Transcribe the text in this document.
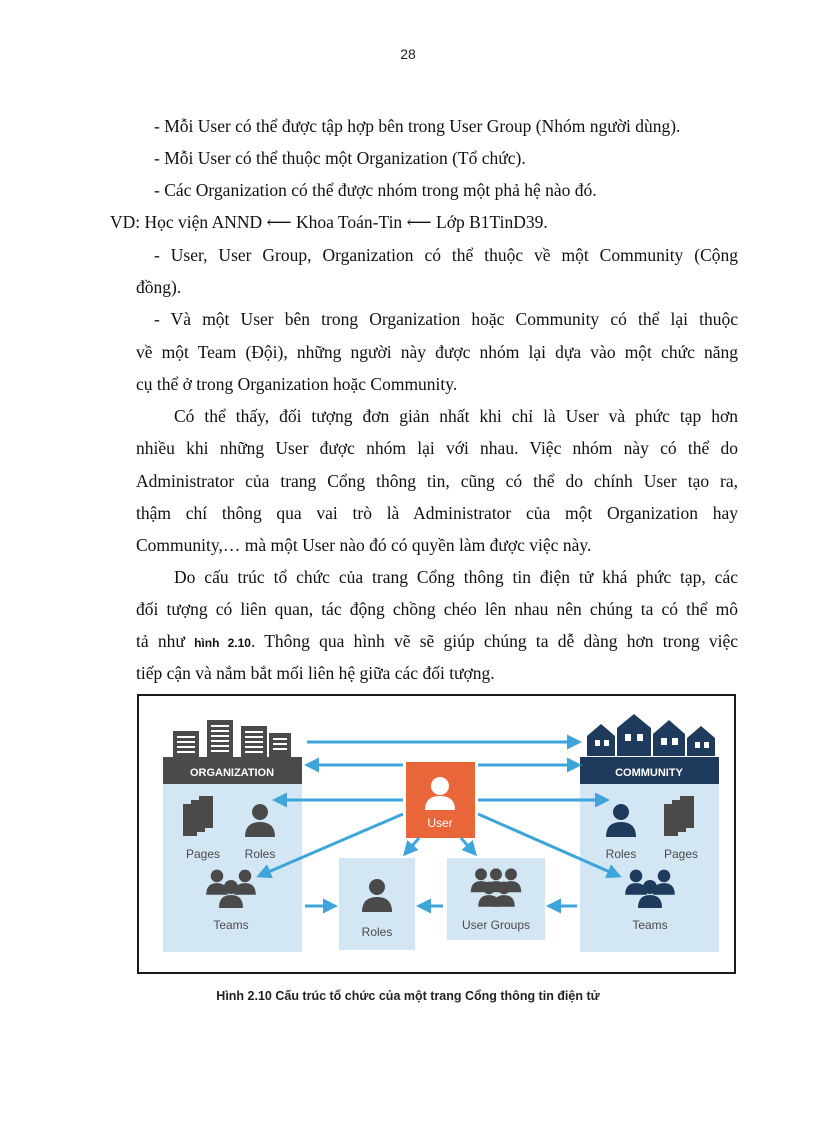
28
- Mỗi User có thể được tập hợp bên trong User Group (Nhóm người dùng).
- Mỗi User có thể thuộc một Organization (Tổ chức).
- Các Organization có thể được nhóm trong một phả hệ nào đó.
VD: Học viện ANND ⟵ Khoa Toán-Tin ⟵ Lớp B1TinD39.
- User, User Group, Organization có thể thuộc về một Community (Cộng
đồng).
- Và một User bên trong Organization hoặc Community có thể lại thuộc
về một Team (Đội), những người này được nhóm lại dựa vào một chức năng
cụ thể ở trong Organization hoặc Community.
Có thể thấy, đối tượng đơn giản nhất khi chỉ là User và phức tạp hơn
nhiều khi những User được nhóm lại với nhau. Việc nhóm này có thể do
Administrator của trang Cổng thông tin, cũng có thể do chính User tạo ra,
thậm chí thông qua vai trò là Administrator của một Organization hay
Community,… mà một User nào đó có quyền làm được việc này.
Do cấu trúc tổ chức của trang Cổng thông tin điện tử khá phức tạp, các
đối tượng có liên quan, tác động chồng chéo lên nhau nên chúng ta có thể mô
tả như hình 2.10. Thông qua hình vẽ sẽ giúp chúng ta dễ dàng hơn trong việc
tiếp cận và nắm bắt mối liên hệ giữa các đối tượng.
ORGANIZATION	COMMUNITY
User
Pages Roles
Teams
Roles Pages
Teams
Roles	User Groups
Hình 2.10 Cấu trúc tổ chức của một trang Cổng thông tin điện tử
